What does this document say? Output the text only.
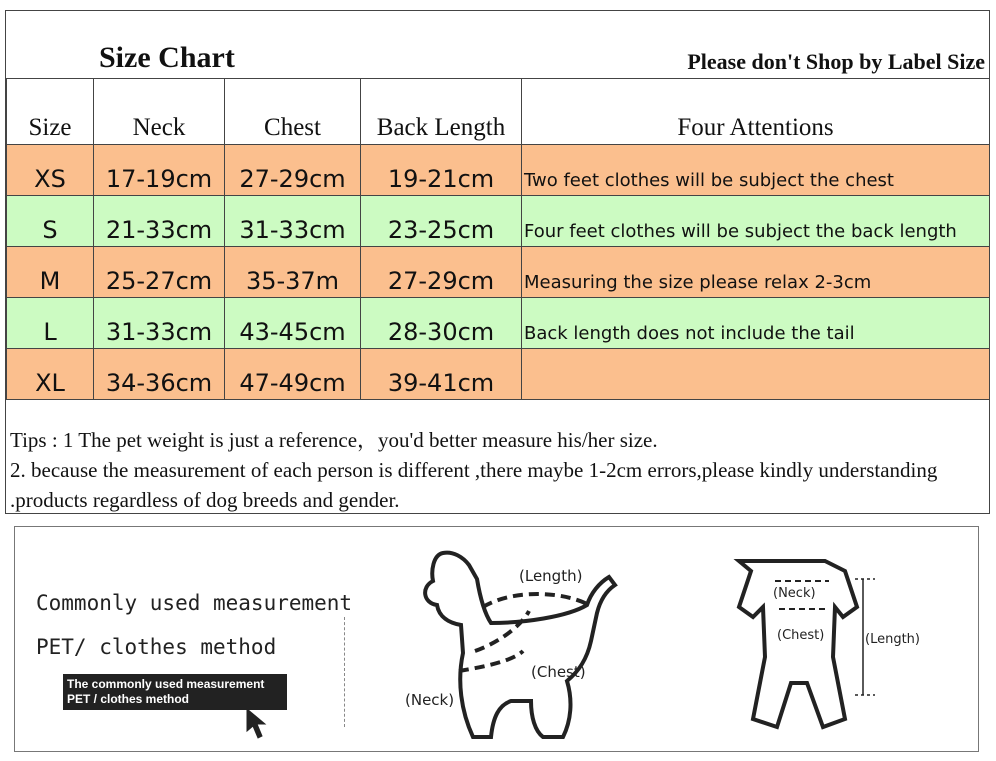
Size Chart	Please don't Shop by Label Size
Size	Neck	Chest	Back Length	Four Attentions
XS	17-19cm	27-29cm	19-21cm	Two feet clothes will be subject the chest
S	21-33cm	31-33cm	23-25cm	Four feet clothes will be subject the back length
M	25-27cm	35-37m	27-29cm	Measuring the size please relax 2-3cm
L	31-33cm	43-45cm	28-30cm	Back length does not include the tail
XL	34-36cm	47-49cm	39-41cm	
Tips : 1 The pet weight is just a reference，you'd better measure his/her size.
2. because the measurement of each person is different ,there maybe 1-2cm errors,please kindly understanding .products regardless of dog breeds and gender.
Commonly used measurement
PET/ clothes method
The commonly used measurement
PET / clothes method
(Length)
(Chest)
(Neck)
(Neck)
(Chest)	(Length)
